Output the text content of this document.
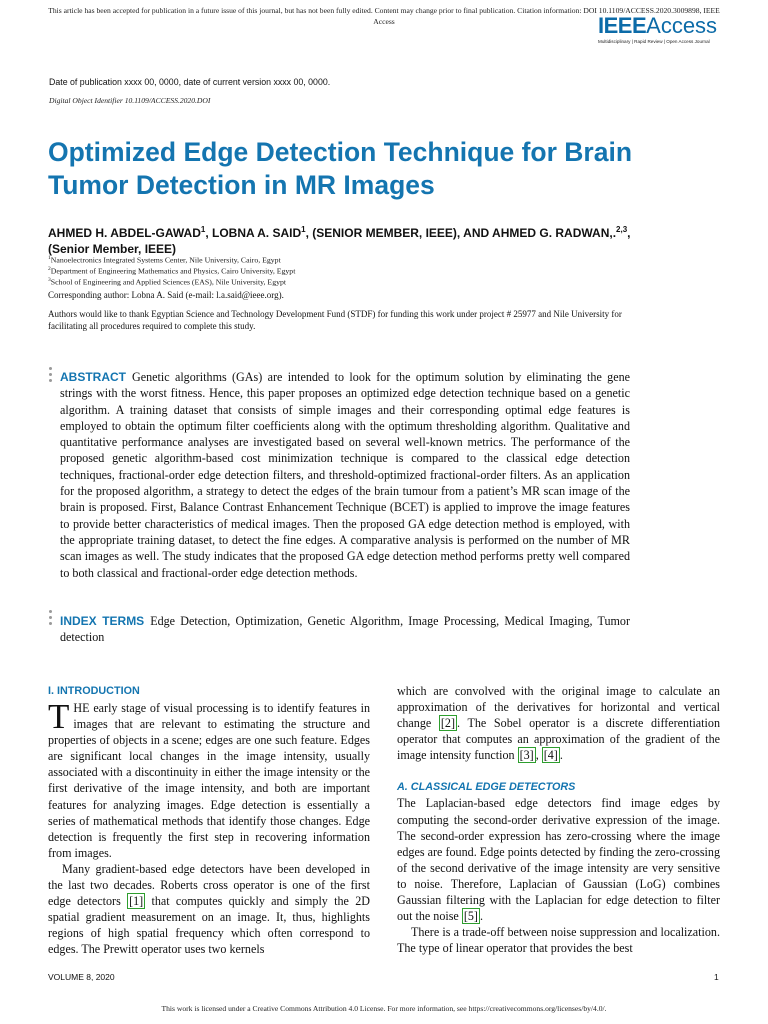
This article has been accepted for publication in a future issue of this journal, but has not been fully edited. Content may change prior to final publication. Citation information: DOI 10.1109/ACCESS.2020.3009898, IEEE Access	IEEEAccess
Multidisciplinary | Rapid Review | Open Access Journal
Date of publication xxxx 00, 0000, date of current version xxxx 00, 0000.
Digital Object Identifier 10.1109/ACCESS.2020.DOI
Optimized Edge Detection Technique for Brain Tumor Detection in MR Images
AHMED H. ABDEL-GAWAD$^1$, LOBNA A. SAID$^1$, (SENIOR MEMBER, IEEE), AND AHMED G. RADWAN,.$^{2,3}$, (Senior Member, IEEE)
$^1$Nanoelectronics Integrated Systems Center, Nile University, Cairo, Egypt
$^2$Department of Engineering Mathematics and Physics, Cairo University, Egypt
$^3$School of Engineering and Applied Sciences (EAS), Nile University, Egypt
Corresponding author: Lobna A. Said (e-mail: l.a.said@ieee.org).
Authors would like to thank Egyptian Science and Technology Development Fund (STDF) for funding this work under project # 25977 and Nile University for facilitating all procedures required to complete this study.
ABSTRACT Genetic algorithms (GAs) are intended to look for the optimum solution by eliminating the gene strings with the worst fitness. Hence, this paper proposes an optimized edge detection technique based on a genetic algorithm. A training dataset that consists of simple images and their corresponding optimal edge features is employed to obtain the optimum filter coefficients along with the optimum thresholding algorithm. Qualitative and quantitative performance analyses are investigated based on several well-known metrics. The performance of the proposed genetic algorithm-based cost minimization technique is compared to the classical edge detection techniques, fractional-order edge detection filters, and threshold-optimized fractional-order filters. As an application for the proposed algorithm, a strategy to detect the edges of the brain tumour from a patient’s MR scan image of the brain is proposed. First, Balance Contrast Enhancement Technique (BCET) is applied to improve the image features to provide better characteristics of medical images. Then the proposed GA edge detection method is employed, with the appropriate training dataset, to detect the fine edges. A comparative analysis is performed on the number of MR scan images as well. The study indicates that the proposed GA edge detection method performs pretty well compared to both classical and fractional-order edge detection methods.
INDEX TERMS Edge Detection, Optimization, Genetic Algorithm, Image Processing, Medical Imaging, Tumor detection
I. INTRODUCTION

THE early stage of visual processing is to identify features in images that are relevant to estimating the structure and properties of objects in a scene; edges are one such feature. Edges are significant local changes in the image intensity, usually associated with a discontinuity in either the image intensity or the first derivative of the image intensity, and both are important features for analyzing images. Edge detection is essentially a series of mathematical methods that identify those changes. Edge detection is frequently the first step in recovering information from images.

Many gradient-based edge detectors have been developed in the last two decades. Roberts cross operator is one of the first edge detectors [1] that computes quickly and simply the 2D spatial gradient measurement on an image. It, thus, highlights regions of high spatial frequency which often correspond to edges. The Prewitt operator uses two kernels

which are convolved with the original image to calculate an approximation of the derivatives for horizontal and vertical change [2] . The Sobel operator is a discrete differentiation operator that computes an approximation of the gradient of the image intensity function [3] , [4] .

A. CLASSICAL EDGE DETECTORS

The Laplacian-based edge detectors find image edges by computing the second-order derivative expression of the image. The second-order expression has zero-crossing where the image edges are found. Edge points detected by finding the zero-crossing of the second derivative of the image intensity are very sensitive to noise. Therefore, Laplacian of Gaussian (LoG) combines Gaussian filtering with the Laplacian for edge detection to filter out the noise [5] .

There is a trade-off between noise suppression and localization. The type of linear operator that provides the best

VOLUME 8, 2020	1
This work is licensed under a Creative Commons Attribution 4.0 License. For more information, see https://creativecommons.org/licenses/by/4.0/.
